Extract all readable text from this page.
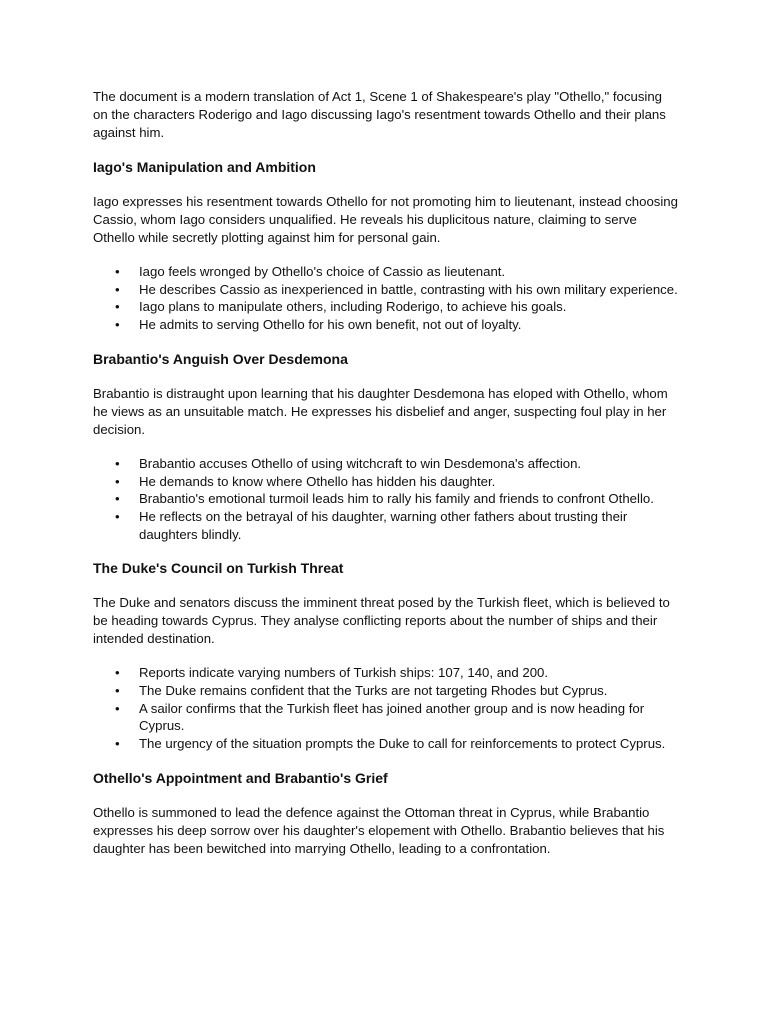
The document is a modern translation of Act 1, Scene 1 of Shakespeare's play "Othello," focusing on the characters Roderigo and Iago discussing Iago's resentment towards Othello and their plans against him.

Iago's Manipulation and Ambition

Iago expresses his resentment towards Othello for not promoting him to lieutenant, instead choosing Cassio, whom Iago considers unqualified. He reveals his duplicitous nature, claiming to serve Othello while secretly plotting against him for personal gain.

• Iago feels wronged by Othello's choice of Cassio as lieutenant.
• He describes Cassio as inexperienced in battle, contrasting with his own military experience.
• Iago plans to manipulate others, including Roderigo, to achieve his goals.
• He admits to serving Othello for his own benefit, not out of loyalty.
Brabantio's Anguish Over Desdemona

Brabantio is distraught upon learning that his daughter Desdemona has eloped with Othello, whom he views as an unsuitable match. He expresses his disbelief and anger, suspecting foul play in her decision.

• Brabantio accuses Othello of using witchcraft to win Desdemona's affection.
• He demands to know where Othello has hidden his daughter.
• Brabantio's emotional turmoil leads him to rally his family and friends to confront Othello.
• He reflects on the betrayal of his daughter, warning other fathers about trusting their daughters blindly.
The Duke's Council on Turkish Threat

The Duke and senators discuss the imminent threat posed by the Turkish fleet, which is believed to be heading towards Cyprus. They analyse conflicting reports about the number of ships and their intended destination.

• Reports indicate varying numbers of Turkish ships: 107, 140, and 200.
• The Duke remains confident that the Turks are not targeting Rhodes but Cyprus.
• A sailor confirms that the Turkish fleet has joined another group and is now heading for Cyprus.
• The urgency of the situation prompts the Duke to call for reinforcements to protect Cyprus.
Othello's Appointment and Brabantio's Grief

Othello is summoned to lead the defence against the Ottoman threat in Cyprus, while Brabantio expresses his deep sorrow over his daughter's elopement with Othello. Brabantio believes that his daughter has been bewitched into marrying Othello, leading to a confrontation.
